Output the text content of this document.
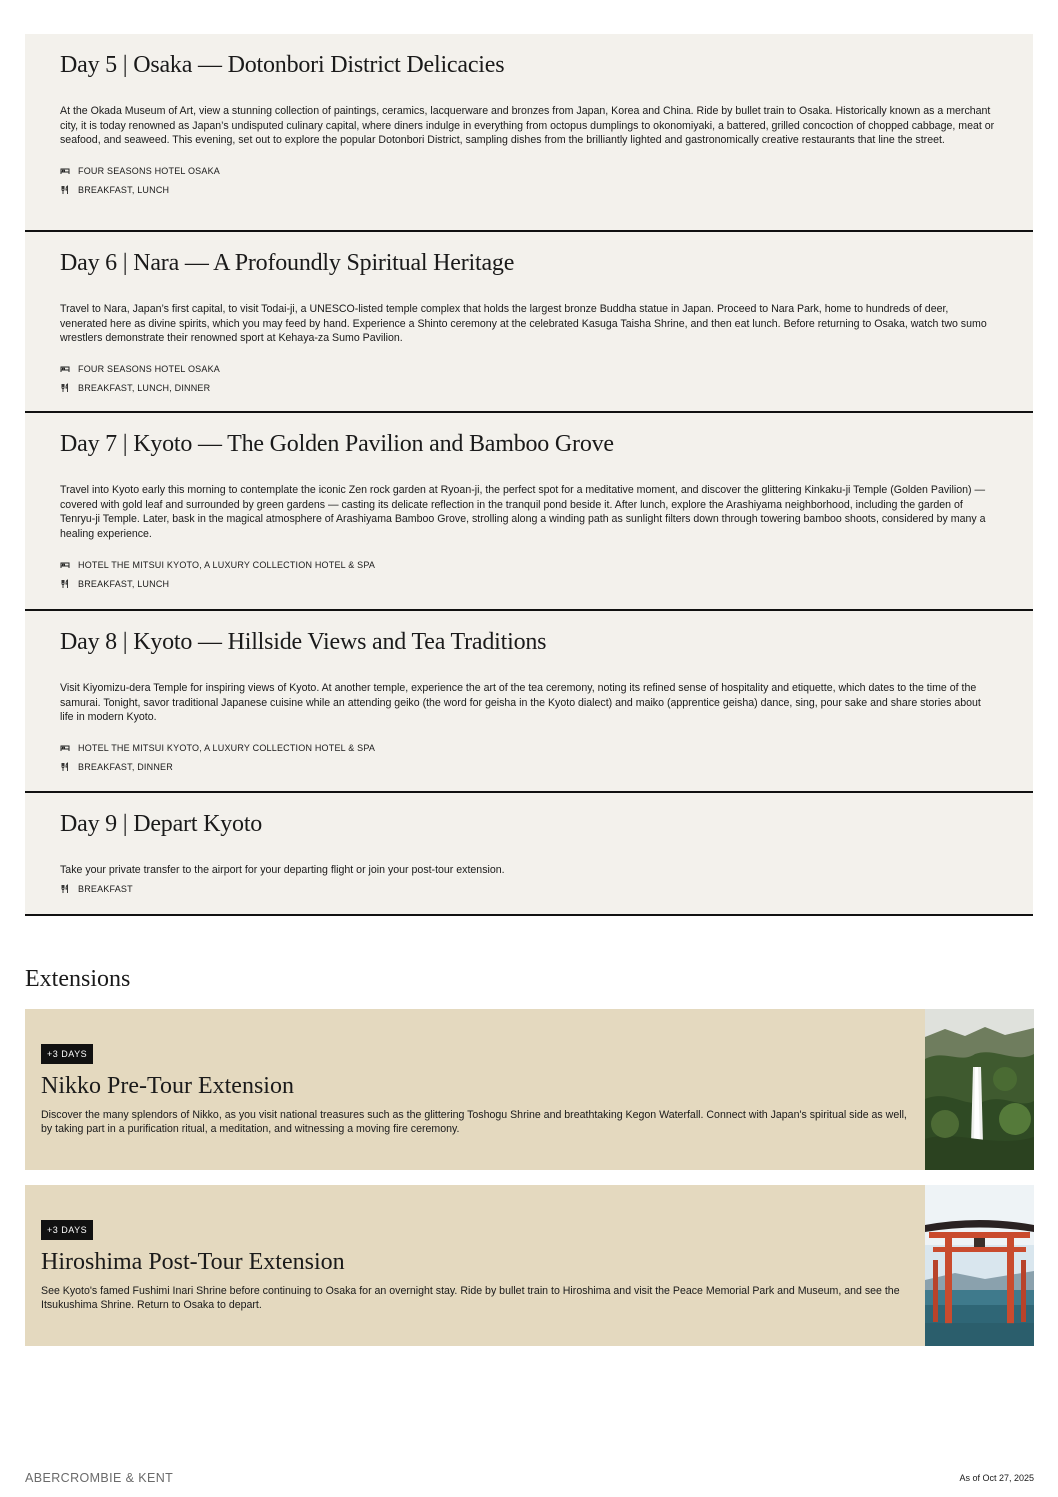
Day 5 | Osaka — Dotonbori District Delicacies

At the Okada Museum of Art, view a stunning collection of paintings, ceramics, lacquerware and bronzes from Japan, Korea and China. Ride by bullet train to Osaka. Historically known as a merchant city, it is today renowned as Japan’s undisputed culinary capital, where diners indulge in everything from octopus dumplings to okonomiyaki, a battered, grilled concoction of chopped cabbage, meat or seafood, and seaweed. This evening, set out to explore the popular Dotonbori District, sampling dishes from the brilliantly lighted and gastronomically creative restaurants that line the street.

FOUR SEASONS HOTEL OSAKA
BREAKFAST, LUNCH
Day 6 | Nara — A Profoundly Spiritual Heritage

Travel to Nara, Japan’s first capital, to visit Todai-ji, a UNESCO-listed temple complex that holds the largest bronze Buddha statue in Japan. Proceed to Nara Park, home to hundreds of deer, venerated here as divine spirits, which you may feed by hand. Experience a Shinto ceremony at the celebrated Kasuga Taisha Shrine, and then eat lunch. Before returning to Osaka, watch two sumo wrestlers demonstrate their renowned sport at Kehaya-za Sumo Pavilion.

FOUR SEASONS HOTEL OSAKA
BREAKFAST, LUNCH, DINNER
Day 7 | Kyoto — The Golden Pavilion and Bamboo Grove

Travel into Kyoto early this morning to contemplate the iconic Zen rock garden at Ryoan-ji, the perfect spot for a meditative moment, and discover the glittering Kinkaku-ji Temple (Golden Pavilion) — covered with gold leaf and surrounded by green gardens — casting its delicate reflection in the tranquil pond beside it. After lunch, explore the Arashiyama neighborhood, including the garden of Tenryu-ji Temple. Later, bask in the magical atmosphere of Arashiyama Bamboo Grove, strolling along a winding path as sunlight filters down through towering bamboo shoots, considered by many a healing experience.

HOTEL THE MITSUI KYOTO, A LUXURY COLLECTION HOTEL & SPA
BREAKFAST, LUNCH
Day 8 | Kyoto — Hillside Views and Tea Traditions

Visit Kiyomizu-dera Temple for inspiring views of Kyoto. At another temple, experience the art of the tea ceremony, noting its refined sense of hospitality and etiquette, which dates to the time of the samurai. Tonight, savor traditional Japanese cuisine while an attending geiko (the word for geisha in the Kyoto dialect) and maiko (apprentice geisha) dance, sing, pour sake and share stories about life in modern Kyoto.

HOTEL THE MITSUI KYOTO, A LUXURY COLLECTION HOTEL & SPA
BREAKFAST, DINNER
Day 9 | Depart Kyoto

Take your private transfer to the airport for your departing flight or join your post-tour extension.

BREAKFAST
Extensions
+3 DAYS
Nikko Pre-Tour Extension

Discover the many splendors of Nikko, as you visit national treasures such as the glittering Toshogu Shrine and breathtaking Kegon Waterfall. Connect with Japan's spiritual side as well, by taking part in a purification ritual, a meditation, and witnessing a moving fire ceremony.

+3 DAYS
Hiroshima Post-Tour Extension

See Kyoto's famed Fushimi Inari Shrine before continuing to Osaka for an overnight stay. Ride by bullet train to Hiroshima and visit the Peace Memorial Park and Museum, and see the Itsukushima Shrine. Return to Osaka to depart.

ABERCROMBIE & KENT	As of Oct 27, 2025
